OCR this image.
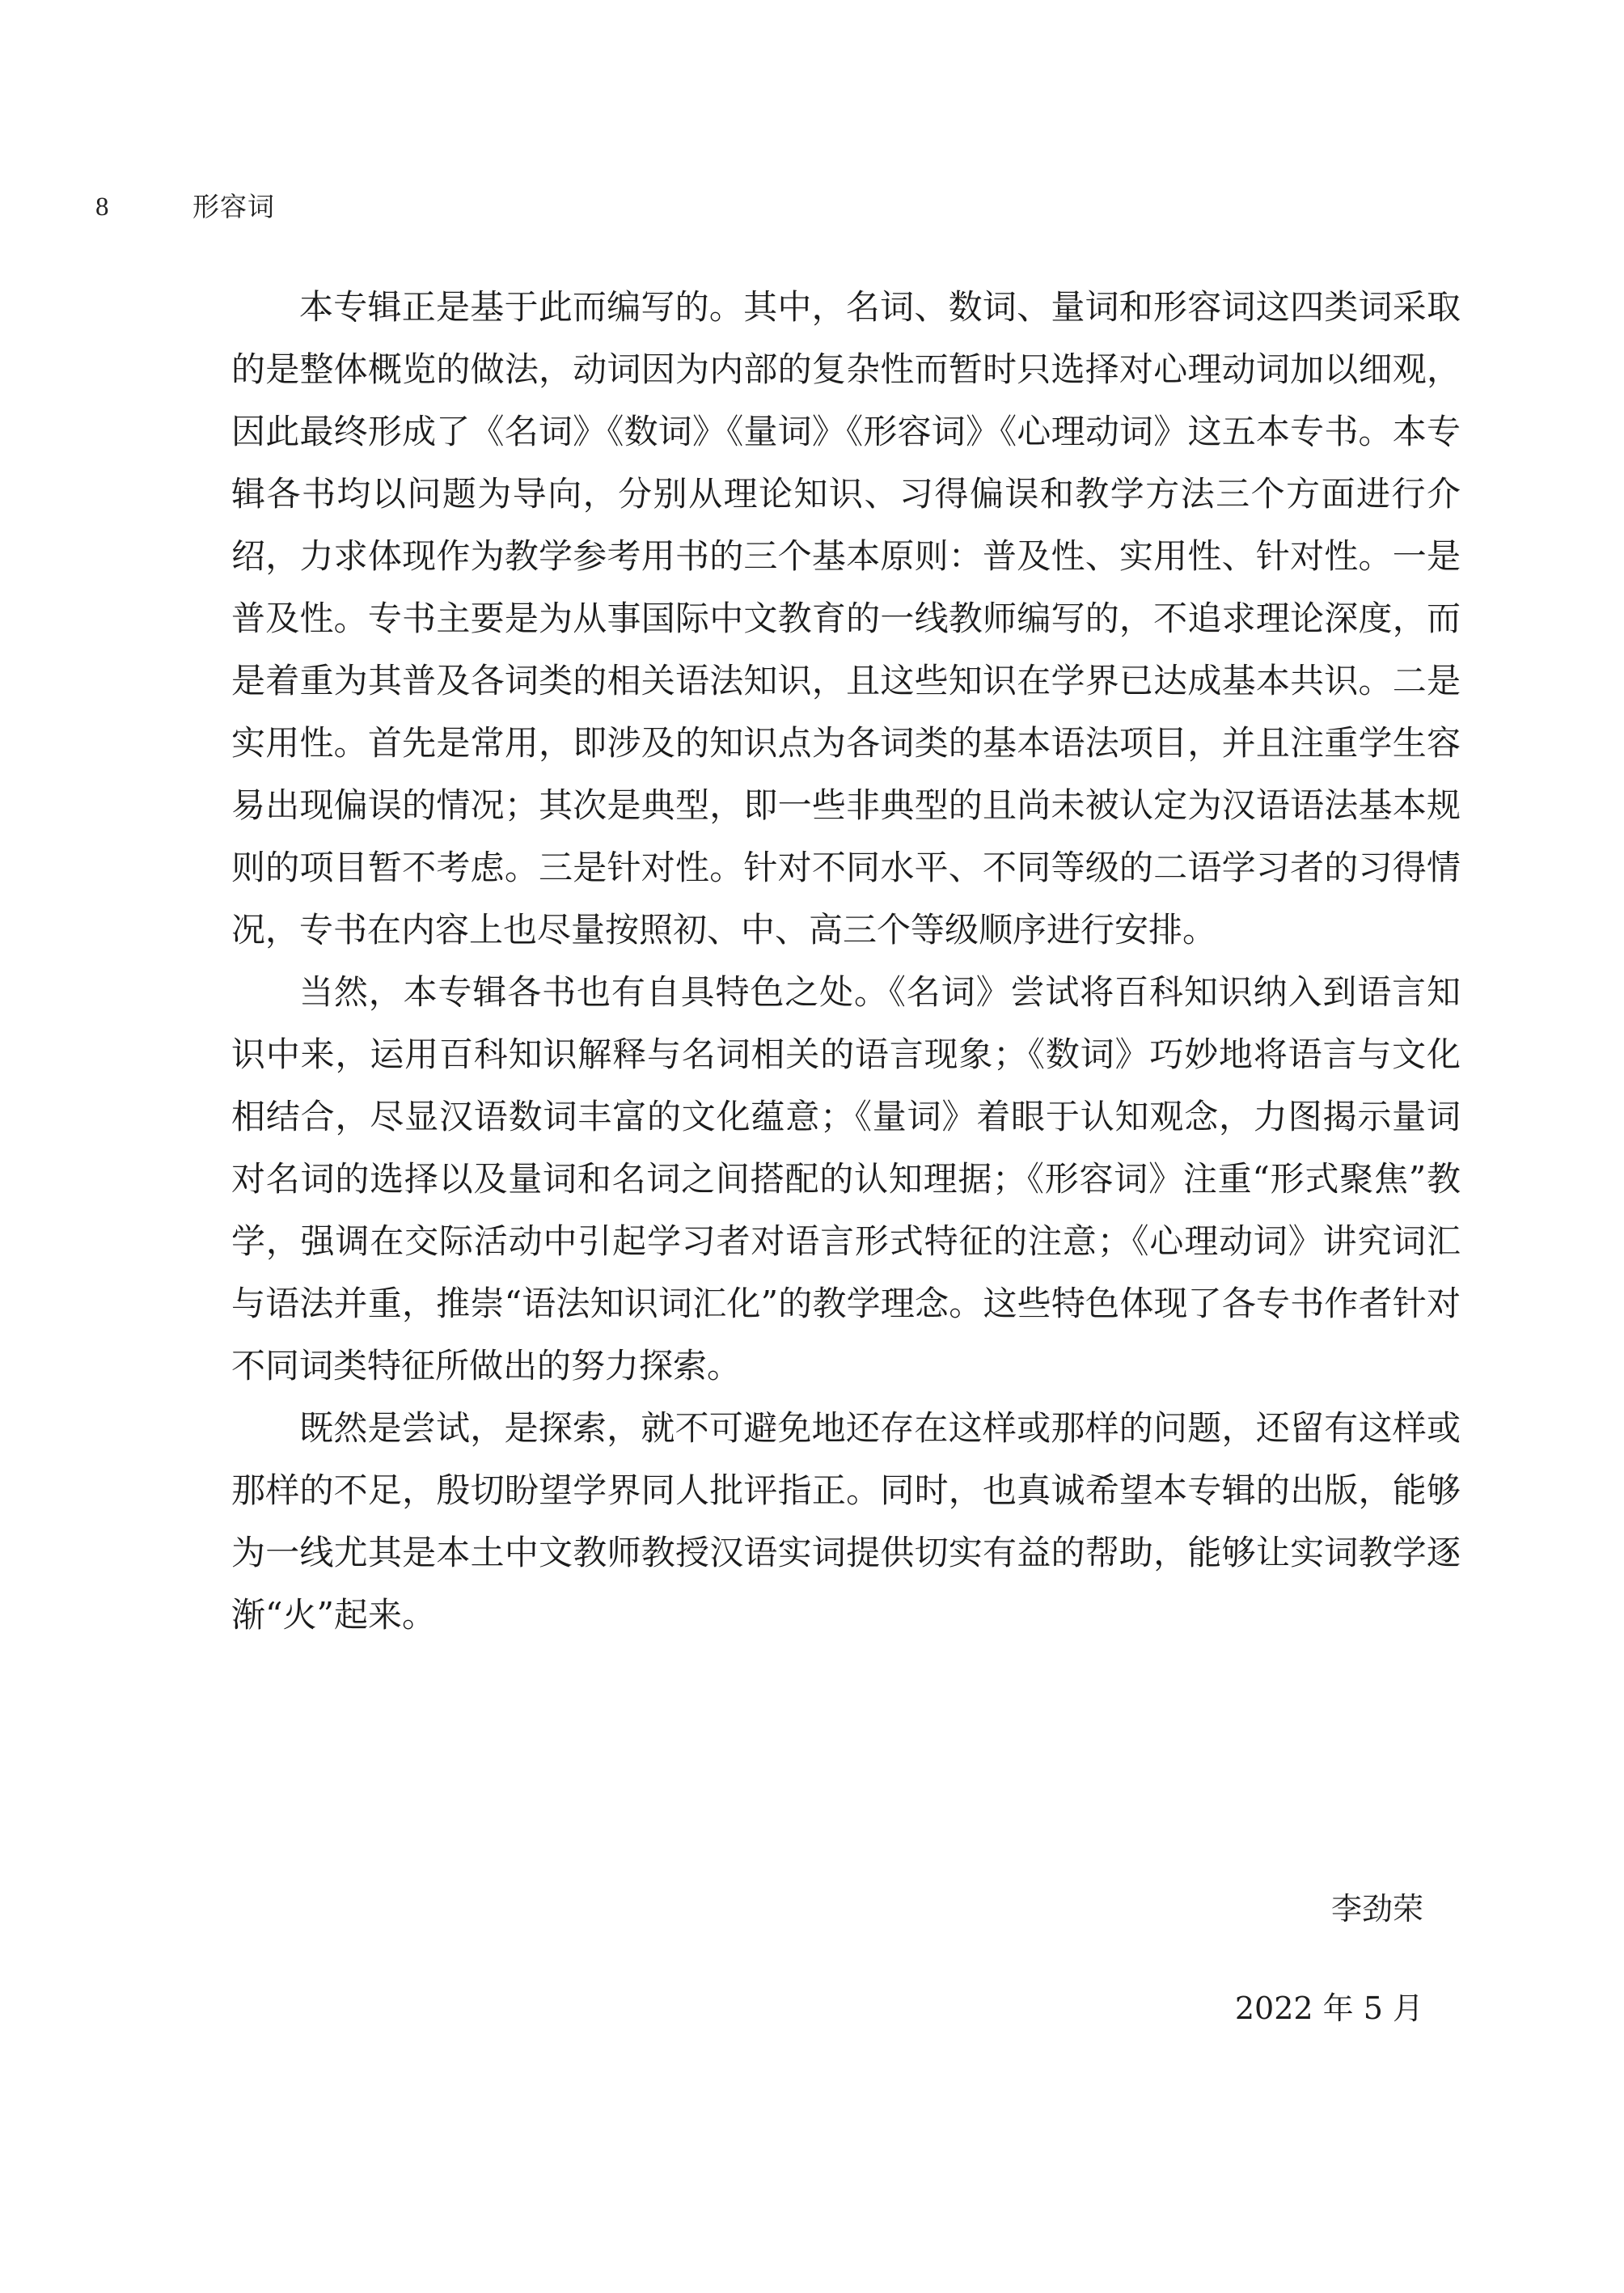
8	形容词

本专辑正是基于此而编写的。其中，名词、数词、量词和形容词这四类词采取的是整体概览的做法，动词因为内部的复杂性而暂时只选择对心理动词加以细观，因此最终形成了《名词》《数词》《量词》《形容词》《心理动词》这五本专书。本专辑各书均以问题为导向，分别从理论知识、习得偏误和教学方法三个方面进行介绍，力求体现作为教学参考用书的三个基本原则：普及性、实用性、针对性。一是普及性。专书主要是为从事国际中文教育的一线教师编写的，不追求理论深度，而是着重为其普及各词类的相关语法知识，且这些知识在学界已达成基本共识。二是实用性。首先是常用，即涉及的知识点为各词类的基本语法项目，并且注重学生容易出现偏误的情况；其次是典型，即一些非典型的且尚未被认定为汉语语法基本规则的项目暂不考虑。三是针对性。针对不同水平、不同等级的二语学习者的习得情况，专书在内容上也尽量按照初、中、高三个等级顺序进行安排。

当然，本专辑各书也有自具特色之处。《名词》尝试将百科知识纳入到语言知识中来，运用百科知识解释与名词相关的语言现象；《数词》巧妙地将语言与文化相结合，尽显汉语数词丰富的文化蕴意；《量词》着眼于认知观念，力图揭示量词对名词的选择以及量词和名词之间搭配的认知理据；《形容词》注重“形式聚焦”教学，强调在交际活动中引起学习者对语言形式特征的注意；《心理动词》讲究词汇与语法并重，推崇“语法知识词汇化”的教学理念。这些特色体现了各专书作者针对不同词类特征所做出的努力探索。

既然是尝试，是探索，就不可避免地还存在这样或那样的问题，还留有这样或那样的不足，殷切盼望学界同人批评指正。同时，也真诚希望本专辑的出版，能够为一线尤其是本土中文教师教授汉语实词提供切实有益的帮助，能够让实词教学逐渐“火”起来。

李劲荣
2022 年 5 月
